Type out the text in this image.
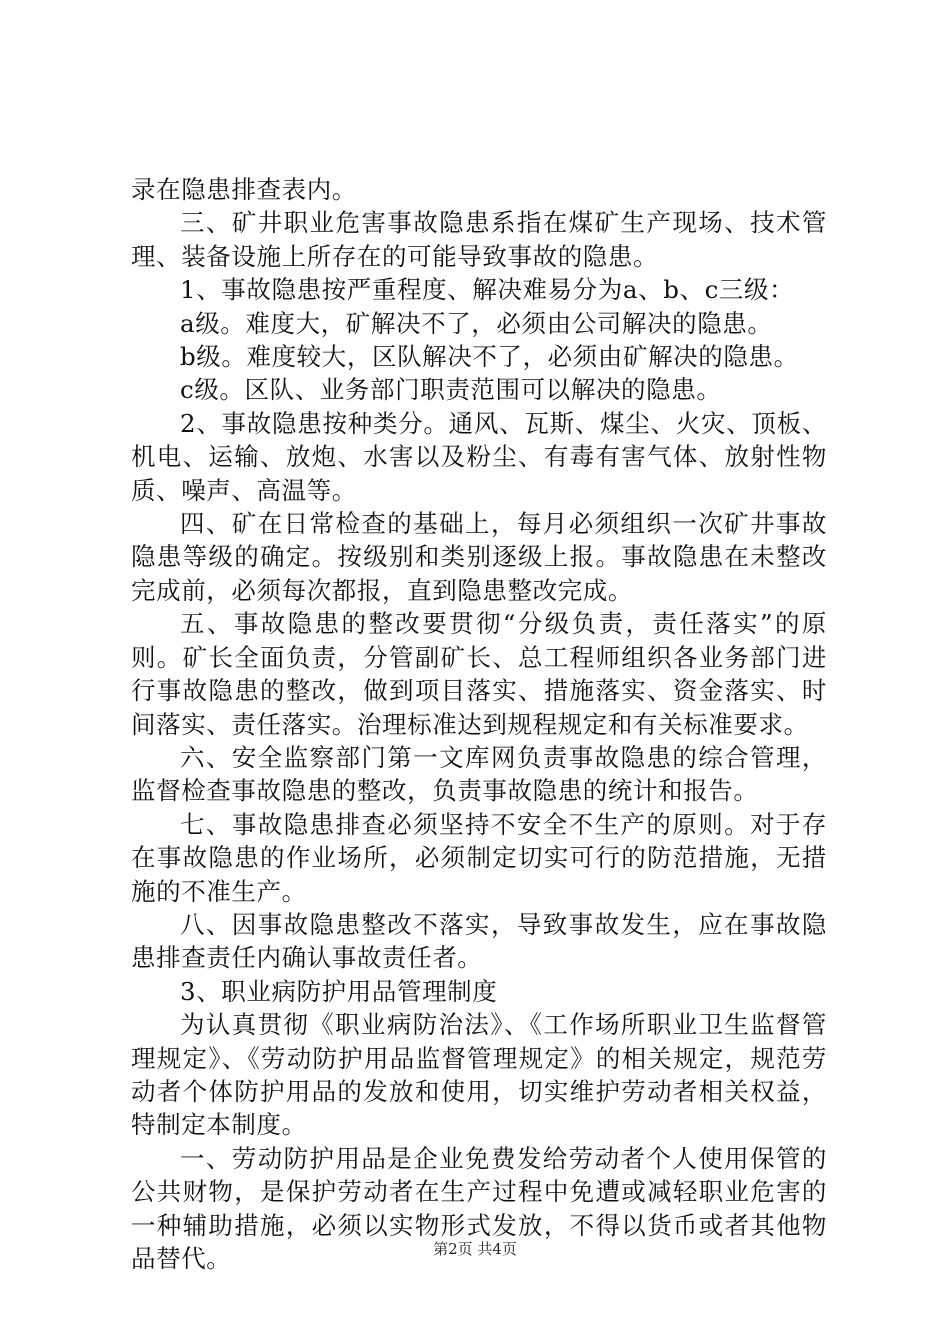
录在隐患排查表内。

三、矿井职业危害事故隐患系指在煤矿生产现场、技术管理、装备设施上所存在的可能导致事故的隐患。

1、事故隐患按严重程度、解决难易分为a、b、c三级：

a级。难度大，矿解决不了，必须由公司解决的隐患。

b级。难度较大，区队解决不了，必须由矿解决的隐患。

c级。区队、业务部门职责范围可以解决的隐患。

2、事故隐患按种类分。通风、瓦斯、煤尘、火灾、顶板、机电、运输、放炮、水害以及粉尘、有毒有害气体、放射性物质、噪声、高温等。

四、矿在日常检查的基础上，每月必须组织一次矿井事故隐患等级的确定。按级别和类别逐级上报。事故隐患在未整改完成前，必须每次都报，直到隐患整改完成。

五、事故隐患的整改要贯彻“分级负责，责任落实”的原则。矿长全面负责，分管副矿长、总工程师组织各业务部门进行事故隐患的整改，做到项目落实、措施落实、资金落实、时间落实、责任落实。治理标准达到规程规定和有关标准要求。

六、安全监察部门第一文库网负责事故隐患的综合管理，监督检查事故隐患的整改，负责事故隐患的统计和报告。

七、事故隐患排查必须坚持不安全不生产的原则。对于存在事故隐患的作业场所，必须制定切实可行的防范措施，无措施的不准生产。

八、因事故隐患整改不落实，导致事故发生，应在事故隐患排查责任内确认事故责任者。

3、职业病防护用品管理制度

为认真贯彻《职业病防治法》、《工作场所职业卫生监督管理规定》、《劳动防护用品监督管理规定》的相关规定，规范劳动者个体防护用品的发放和使用，切实维护劳动者相关权益，特制定本制度。

一、劳动防护用品是企业免费发给劳动者个人使用保管的公共财物，是保护劳动者在生产过程中免遭或减轻职业危害的一种辅助措施，必须以实物形式发放，不得以货币或者其他物品替代。	第2页 共4页
